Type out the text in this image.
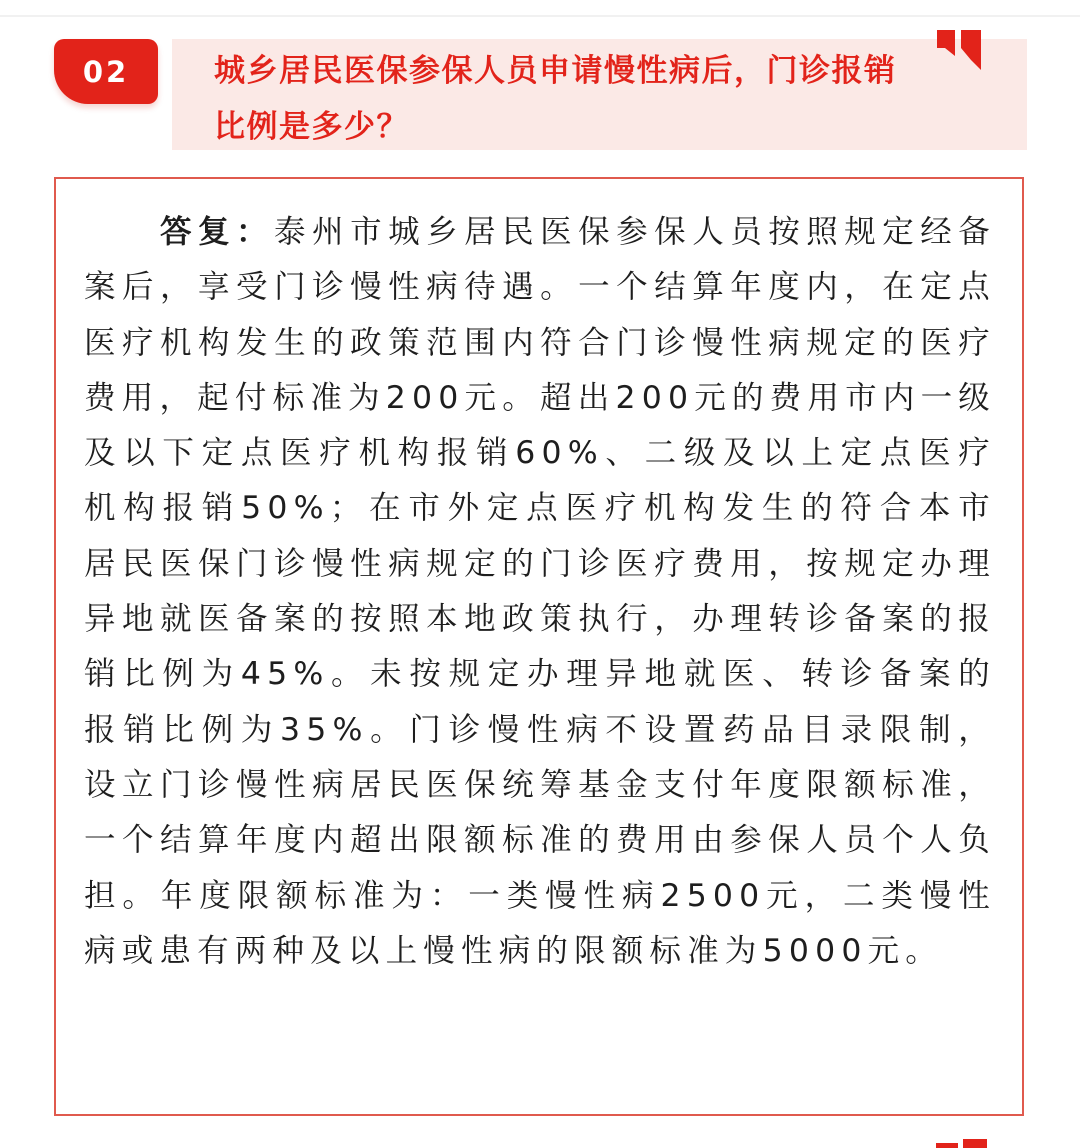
02	城乡居民医保参保人员申请慢性病后，门诊报销比例是多少？

答复：泰州市城乡居民医保参保人员按照规定经备案后，享受门诊慢性病待遇。一个结算年度内，在定点医疗机构发生的政策范围内符合门诊慢性病规定的医疗费用，起付标准为200元。超出200元的费用市内一级及以下定点医疗机构报销60%、二级及以上定点医疗机构报销50%；在市外定点医疗机构发生的符合本市居民医保门诊慢性病规定的门诊医疗费用，按规定办理异地就医备案的按照本地政策执行，办理转诊备案的报销比例为45%。未按规定办理异地就医、转诊备案的报销比例为35%。门诊慢性病不设置药品目录限制，设立门诊慢性病居民医保统筹基金支付年度限额标准，一个结算年度内超出限额标准的费用由参保人员个人负担。年度限额标准为：一类慢性病2500元，二类慢性病或患有两种及以上慢性病的限额标准为5000元。
